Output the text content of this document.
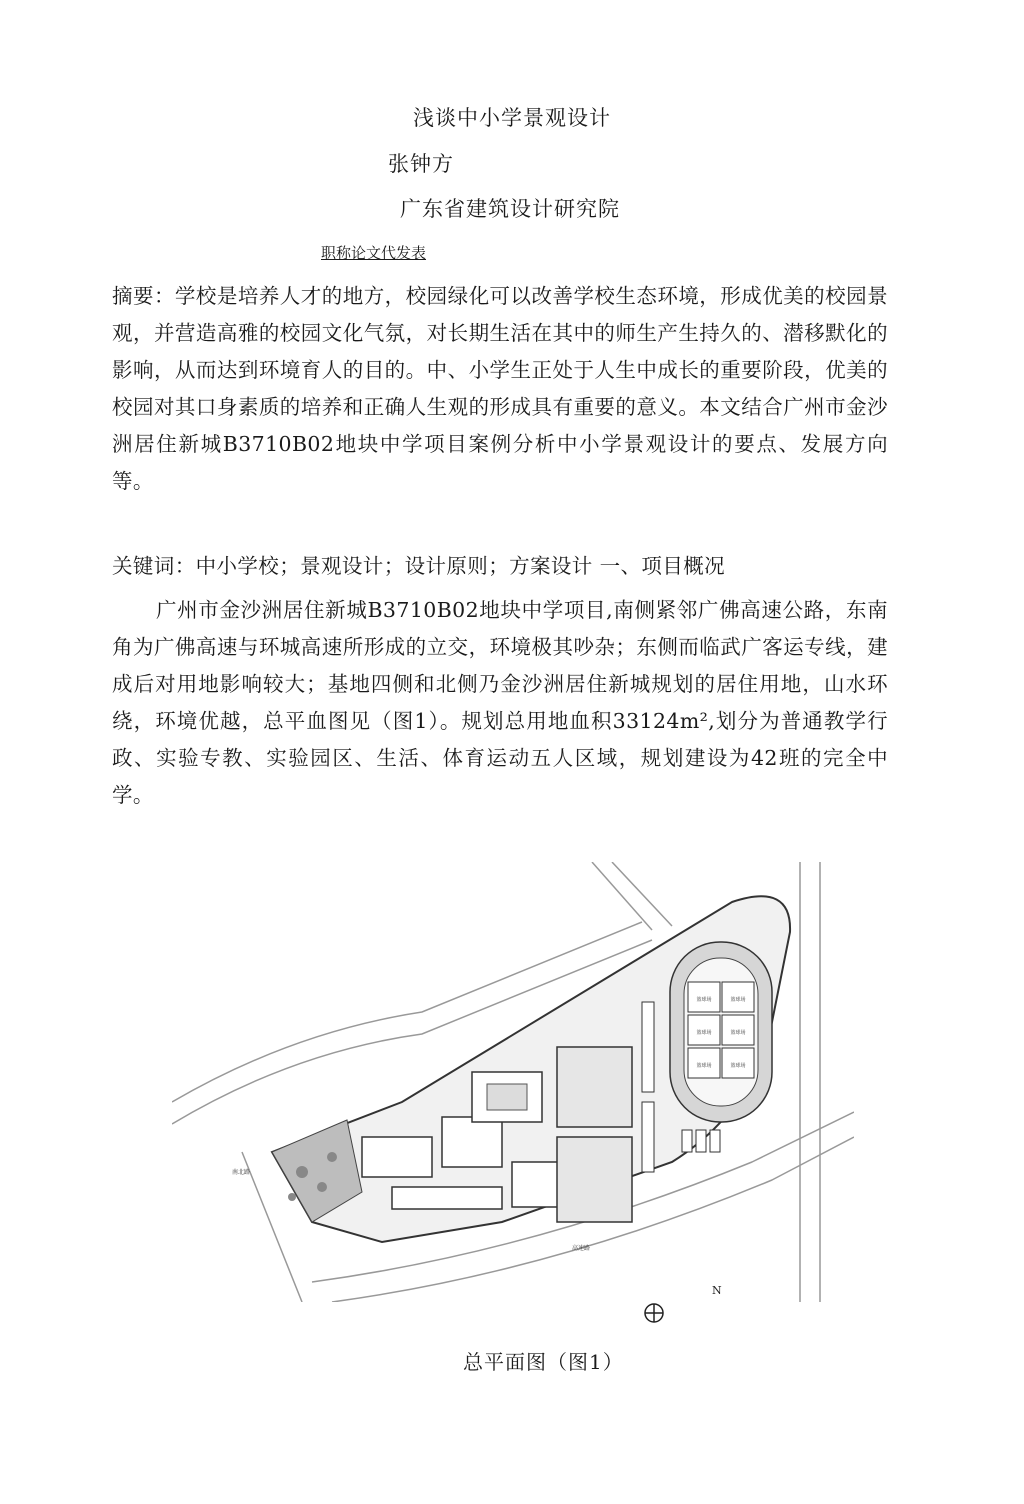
浅谈中小学景观设计
张钟方
广东省建筑设计研究院
职称论文代发表
摘要：学校是培养人才的地方，校园绿化可以改善学校生态环境，形成优美的校园景观，并营造高雅的校园文化气氛，对长期生活在其中的师生产生持久的、潜移默化的影响，从而达到环境育人的目的。中、小学生正处于人生中成长的重要阶段，优美的校园对其口身素质的培养和正确人生观的形成具有重要的意义。本文结合广州市金沙洲居住新城B3710B02地块中学项目案例分析中小学景观设计的要点、发展方向等。
关键词：中小学校；景观设计；设计原则；方案设计 一、项目概况
广州市金沙洲居住新城B3710B02地块中学项目,南侧紧邻广佛高速公路，东南角为广佛高速与环城高速所形成的立交，环境极其吵杂；东侧而临武广客运专线，建成后对用地影响较大；基地四侧和北侧乃金沙洲居住新城规划的居住用地，山水环绕，环境优越，总平血图见（图1）。规划总用地血积33124m²,划分为普通教学行政、实验专教、实验园区、生活、体育运动五人区域，规划建设为42班的完全中学。
篮球场	篮球场
篮球场	篮球场
篮球场	篮球场
南北路
高速路
N
总平面图（图1）
